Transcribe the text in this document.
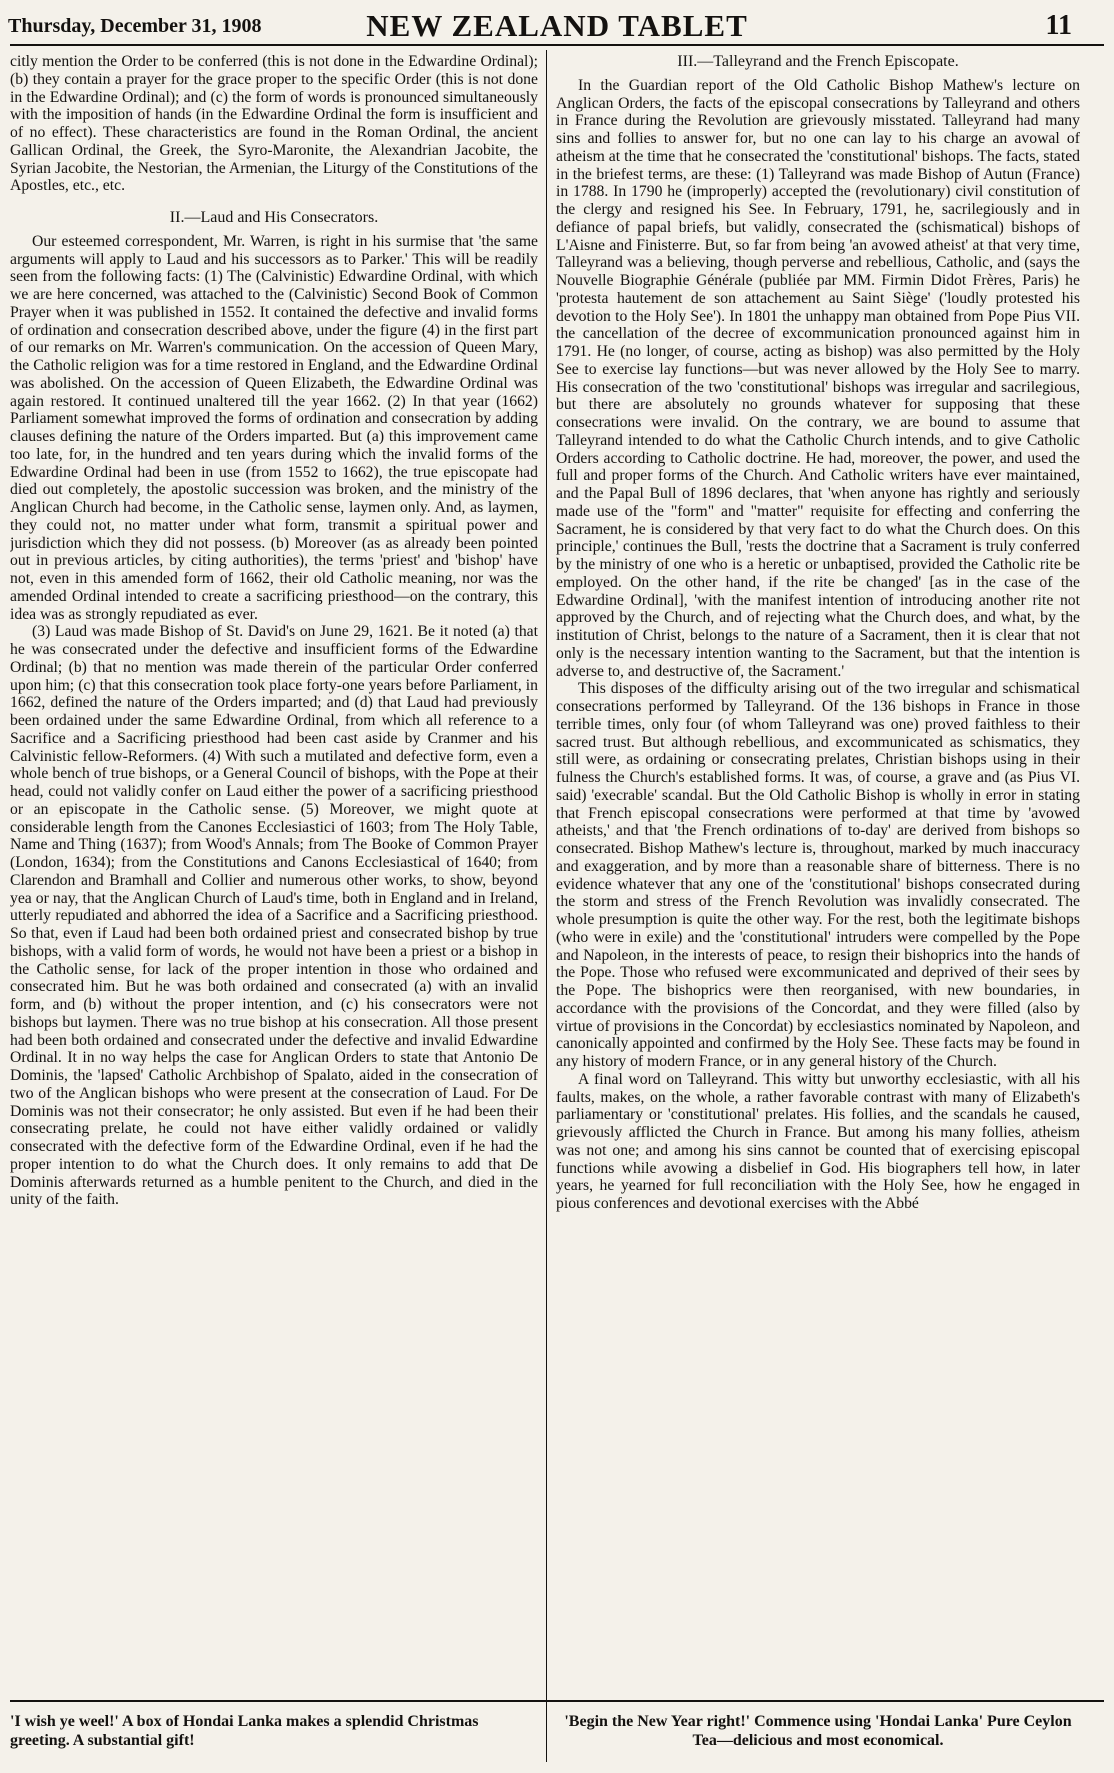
Thursday, December 31, 1908	NEW ZEALAND TABLET	11

citly mention the Order to be conferred (this is not done in the Edwardine Ordinal); (b) they contain a prayer for the grace proper to the specific Order (this is not done in the Edwardine Ordinal); and (c) the form of words is pronounced simultaneously with the imposition of hands (in the Edwardine Ordinal the form is insufficient and of no effect). These characteristics are found in the Roman Ordinal, the ancient Gallican Ordinal, the Greek, the Syro-Maronite, the Alexandrian Jacobite, the Syrian Jacobite, the Nestorian, the Armenian, the Liturgy of the Constitutions of the Apostles, etc., etc.

II.—Laud and His Consecrators.

Our esteemed correspondent, Mr. Warren, is right in his surmise that 'the same arguments will apply to Laud and his successors as to Parker.' This will be readily seen from the following facts: (1) The (Calvinistic) Edwardine Ordinal, with which we are here concerned, was attached to the (Calvinistic) Second Book of Common Prayer when it was published in 1552. It contained the defective and invalid forms of ordination and consecration described above, under the figure (4) in the first part of our remarks on Mr. Warren's communication. On the accession of Queen Mary, the Catholic religion was for a time restored in England, and the Edwardine Ordinal was abolished. On the accession of Queen Elizabeth, the Edwardine Ordinal was again restored. It continued unaltered till the year 1662. (2) In that year (1662) Parliament somewhat improved the forms of ordination and consecration by adding clauses defining the nature of the Orders imparted. But (a) this improvement came too late, for, in the hundred and ten years during which the invalid forms of the Edwardine Ordinal had been in use (from 1552 to 1662), the true episcopate had died out completely, the apostolic succession was broken, and the ministry of the Anglican Church had become, in the Catholic sense, laymen only. And, as laymen, they could not, no matter under what form, transmit a spiritual power and jurisdiction which they did not possess. (b) Moreover (as as already been pointed out in previous articles, by citing authorities), the terms 'priest' and 'bishop' have not, even in this amended form of 1662, their old Catholic meaning, nor was the amended Ordinal intended to create a sacrificing priesthood—on the contrary, this idea was as strongly repudiated as ever.

(3) Laud was made Bishop of St. David's on June 29, 1621. Be it noted (a) that he was consecrated under the defective and insufficient forms of the Edwardine Ordinal; (b) that no mention was made therein of the particular Order conferred upon him; (c) that this consecration took place forty-one years before Parliament, in 1662, defined the nature of the Orders imparted; and (d) that Laud had previously been ordained under the same Edwardine Ordinal, from which all reference to a Sacrifice and a Sacrificing priesthood had been cast aside by Cranmer and his Calvinistic fellow-Reformers. (4) With such a mutilated and defective form, even a whole bench of true bishops, or a General Council of bishops, with the Pope at their head, could not validly confer on Laud either the power of a sacrificing priesthood or an episcopate in the Catholic sense. (5) Moreover, we might quote at considerable length from the Canones Ecclesiastici of 1603; from The Holy Table, Name and Thing (1637); from Wood's Annals; from The Booke of Common Prayer (London, 1634); from the Constitutions and Canons Ecclesiastical of 1640; from Clarendon and Bramhall and Collier and numerous other works, to show, beyond yea or nay, that the Anglican Church of Laud's time, both in England and in Ireland, utterly repudiated and abhorred the idea of a Sacrifice and a Sacrificing priesthood. So that, even if Laud had been both ordained priest and consecrated bishop by true bishops, with a valid form of words, he would not have been a priest or a bishop in the Catholic sense, for lack of the proper intention in those who ordained and consecrated him. But he was both ordained and consecrated (a) with an invalid form, and (b) without the proper intention, and (c) his consecrators were not bishops but laymen. There was no true bishop at his consecration. All those present had been both ordained and consecrated under the defective and invalid Edwardine Ordinal. It in no way helps the case for Anglican Orders to state that Antonio De Dominis, the 'lapsed' Catholic Archbishop of Spalato, aided in the consecration of two of the Anglican bishops who were present at the consecration of Laud. For De Dominis was not their consecrator; he only assisted. But even if he had been their consecrating prelate, he could not have either validly ordained or validly consecrated with the defective form of the Edwardine Ordinal, even if he had the proper intention to do what the Church does. It only remains to add that De Dominis afterwards returned as a humble penitent to the Church, and died in the unity of the faith.

III.—Talleyrand and the French Episcopate.

In the Guardian report of the Old Catholic Bishop Mathew's lecture on Anglican Orders, the facts of the episcopal consecrations by Talleyrand and others in France during the Revolution are grievously misstated. Talleyrand had many sins and follies to answer for, but no one can lay to his charge an avowal of atheism at the time that he consecrated the 'constitutional' bishops. The facts, stated in the briefest terms, are these: (1) Talleyrand was made Bishop of Autun (France) in 1788. In 1790 he (improperly) accepted the (revolutionary) civil constitution of the clergy and resigned his See. In February, 1791, he, sacrilegiously and in defiance of papal briefs, but validly, consecrated the (schismatical) bishops of L'Aisne and Finisterre. But, so far from being 'an avowed atheist' at that very time, Talleyrand was a believing, though perverse and rebellious, Catholic, and (says the Nouvelle Biographie Générale (publiée par MM. Firmin Didot Frères, Paris) he 'protesta hautement de son attachement au Saint Siège' ('loudly protested his devotion to the Holy See'). In 1801 the unhappy man obtained from Pope Pius VII. the cancellation of the decree of excommunication pronounced against him in 1791. He (no longer, of course, acting as bishop) was also permitted by the Holy See to exercise lay functions—but was never allowed by the Holy See to marry. His consecration of the two 'constitutional' bishops was irregular and sacrilegious, but there are absolutely no grounds whatever for supposing that these consecrations were invalid. On the contrary, we are bound to assume that Talleyrand intended to do what the Catholic Church intends, and to give Catholic Orders according to Catholic doctrine. He had, moreover, the power, and used the full and proper forms of the Church. And Catholic writers have ever maintained, and the Papal Bull of 1896 declares, that 'when anyone has rightly and seriously made use of the "form" and "matter" requisite for effecting and conferring the Sacrament, he is considered by that very fact to do what the Church does. On this principle,' continues the Bull, 'rests the doctrine that a Sacrament is truly conferred by the ministry of one who is a heretic or unbaptised, provided the Catholic rite be employed. On the other hand, if the rite be changed' [as in the case of the Edwardine Ordinal], 'with the manifest intention of introducing another rite not approved by the Church, and of rejecting what the Church does, and what, by the institution of Christ, belongs to the nature of a Sacrament, then it is clear that not only is the necessary intention wanting to the Sacrament, but that the intention is adverse to, and destructive of, the Sacrament.'

This disposes of the difficulty arising out of the two irregular and schismatical consecrations performed by Talleyrand. Of the 136 bishops in France in those terrible times, only four (of whom Talleyrand was one) proved faithless to their sacred trust. But although rebellious, and excommunicated as schismatics, they still were, as ordaining or consecrating prelates, Christian bishops using in their fulness the Church's established forms. It was, of course, a grave and (as Pius VI. said) 'execrable' scandal. But the Old Catholic Bishop is wholly in error in stating that French episcopal consecrations were performed at that time by 'avowed atheists,' and that 'the French ordinations of to-day' are derived from bishops so consecrated. Bishop Mathew's lecture is, throughout, marked by much inaccuracy and exaggeration, and by more than a reasonable share of bitterness. There is no evidence whatever that any one of the 'constitutional' bishops consecrated during the storm and stress of the French Revolution was invalidly consecrated. The whole presumption is quite the other way. For the rest, both the legitimate bishops (who were in exile) and the 'constitutional' intruders were compelled by the Pope and Napoleon, in the interests of peace, to resign their bishoprics into the hands of the Pope. Those who refused were excommunicated and deprived of their sees by the Pope. The bishoprics were then reorganised, with new boundaries, in accordance with the provisions of the Concordat, and they were filled (also by virtue of provisions in the Concordat) by ecclesiastics nominated by Napoleon, and canonically appointed and confirmed by the Holy See. These facts may be found in any history of modern France, or in any general history of the Church.

A final word on Talleyrand. This witty but unworthy ecclesiastic, with all his faults, makes, on the whole, a rather favorable contrast with many of Elizabeth's parliamentary or 'constitutional' prelates. His follies, and the scandals he caused, grievously afflicted the Church in France. But among his many follies, atheism was not one; and among his sins cannot be counted that of exercising episcopal functions while avowing a disbelief in God. His biographers tell how, in later years, he yearned for full reconciliation with the Holy See, how he engaged in pious conferences and devotional exercises with the Abbé

'I wish ye weel!' A box of Hondai Lanka makes a splendid Christmas greeting. A substantial gift!
'Begin the New Year right!' Commence using 'Hondai Lanka' Pure Ceylon Tea—delicious and most economical.
